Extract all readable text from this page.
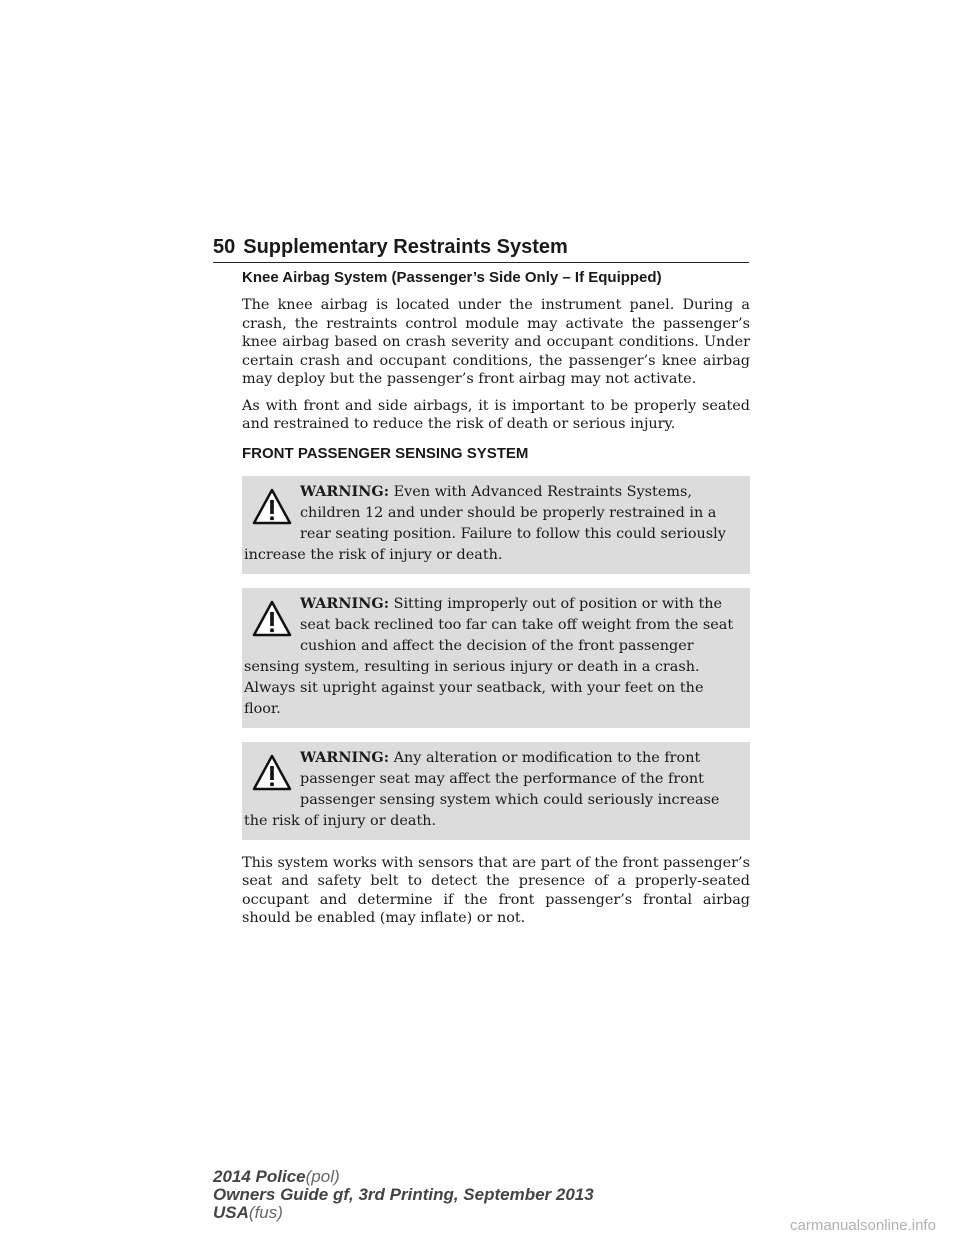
50 Supplementary Restraints System
Knee Airbag System (Passenger’s Side Only – If Equipped)

The knee airbag is located under the instrument panel. During a crash, the restraints control module may activate the passenger’s knee airbag based on crash severity and occupant conditions. Under certain crash and occupant conditions, the passenger’s knee airbag may deploy but the passenger’s front airbag may not activate.

As with front and side airbags, it is important to be properly seated and restrained to reduce the risk of death or serious injury.

FRONT PASSENGER SENSING SYSTEM
WARNING: Even with Advanced Restraints Systems, children 12 and under should be properly restrained in a rear seating position. Failure to follow this could seriously increase the risk of injury or death.
WARNING: Sitting improperly out of position or with the seat back reclined too far can take off weight from the seat cushion and affect the decision of the front passenger sensing system, resulting in serious injury or death in a crash.
Always sit upright against your seatback, with your feet on the floor.
WARNING: Any alteration or modification to the front passenger seat may affect the performance of the front passenger sensing system which could seriously increase the risk of injury or death.

This system works with sensors that are part of the front passenger’s seat and safety belt to detect the presence of a properly-seated occupant and determine if the front passenger’s frontal airbag should be enabled (may inflate) or not.

2014 Police(pol)
Owners Guide gf, 3rd Printing, September 2013
USA(fus)
carmanualsonline.info
